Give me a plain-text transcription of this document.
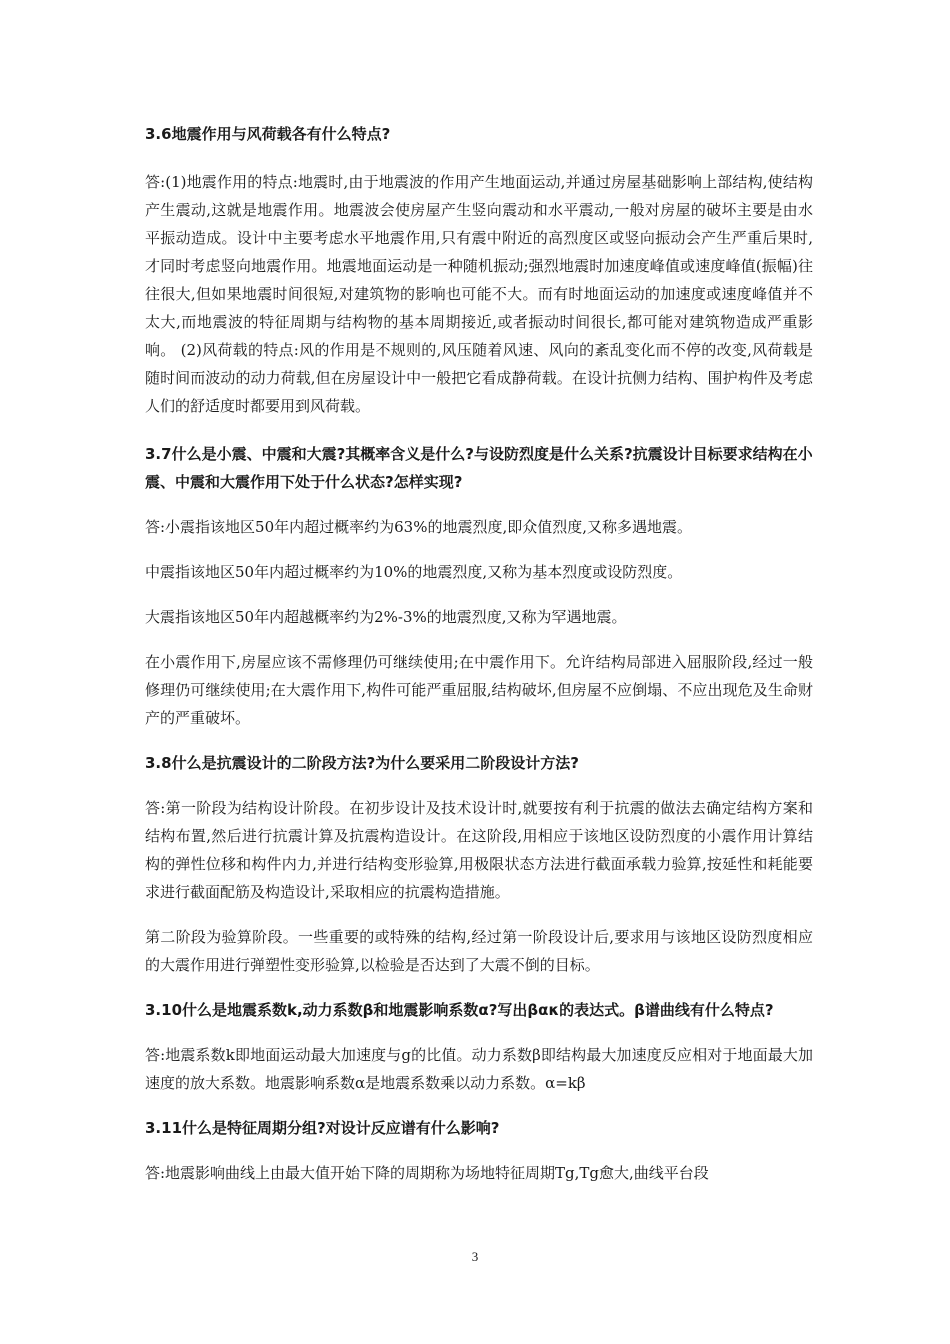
3.6地震作用与风荷载各有什么特点?

答:(1)地震作用的特点:地震时,由于地震波的作用产生地面运动,并通过房屋基础影响上部结构,使结构产生震动,这就是地震作用。地震波会使房屋产生竖向震动和水平震动,一般对房屋的破坏主要是由水平振动造成。设计中主要考虑水平地震作用,只有震中附近的高烈度区或竖向振动会产生严重后果时,才同时考虑竖向地震作用。地震地面运动是一种随机振动;强烈地震时加速度峰值或速度峰值(振幅)往往很大,但如果地震时间很短,对建筑物的影响也可能不大。而有时地面运动的加速度或速度峰值并不太大,而地震波的特征周期与结构物的基本周期接近,或者振动时间很长,都可能对建筑物造成严重影响。 (2)风荷载的特点:风的作用是不规则的,风压随着风速、风向的紊乱变化而不停的改变,风荷载是随时间而波动的动力荷载,但在房屋设计中一般把它看成静荷载。在设计抗侧力结构、围护构件及考虑人们的舒适度时都要用到风荷载。

3.7什么是小震、中震和大震?其概率含义是什么?与设防烈度是什么关系?抗震设计目标要求结构在小震、中震和大震作用下处于什么状态?怎样实现?

答:小震指该地区50年内超过概率约为63%的地震烈度,即众值烈度,又称多遇地震。

中震指该地区50年内超过概率约为10%的地震烈度,又称为基本烈度或设防烈度。

大震指该地区50年内超越概率约为2%-3%的地震烈度,又称为罕遇地震。

在小震作用下,房屋应该不需修理仍可继续使用;在中震作用下。允许结构局部进入屈服阶段,经过一般修理仍可继续使用;在大震作用下,构件可能严重屈服,结构破坏,但房屋不应倒塌、不应出现危及生命财产的严重破坏。

3.8什么是抗震设计的二阶段方法?为什么要采用二阶段设计方法?

答:第一阶段为结构设计阶段。在初步设计及技术设计时,就要按有利于抗震的做法去确定结构方案和结构布置,然后进行抗震计算及抗震构造设计。在这阶段,用相应于该地区设防烈度的小震作用计算结构的弹性位移和构件内力,并进行结构变形验算,用极限状态方法进行截面承载力验算,按延性和耗能要求进行截面配筋及构造设计,采取相应的抗震构造措施。

第二阶段为验算阶段。一些重要的或特殊的结构,经过第一阶段设计后,要求用与该地区设防烈度相应的大震作用进行弹塑性变形验算,以检验是否达到了大震不倒的目标。

3.10什么是地震系数k,动力系数β和地震影响系数α?写出βακ的表达式。β谱曲线有什么特点?

答:地震系数k即地面运动最大加速度与g的比值。动力系数β即结构最大加速度反应相对于地面最大加速度的放大系数。地震影响系数α是地震系数乘以动力系数。α=kβ

3.11什么是特征周期分组?对设计反应谱有什么影响?

答:地震影响曲线上由最大值开始下降的周期称为场地特征周期Tg,Tg愈大,曲线平台段

3
